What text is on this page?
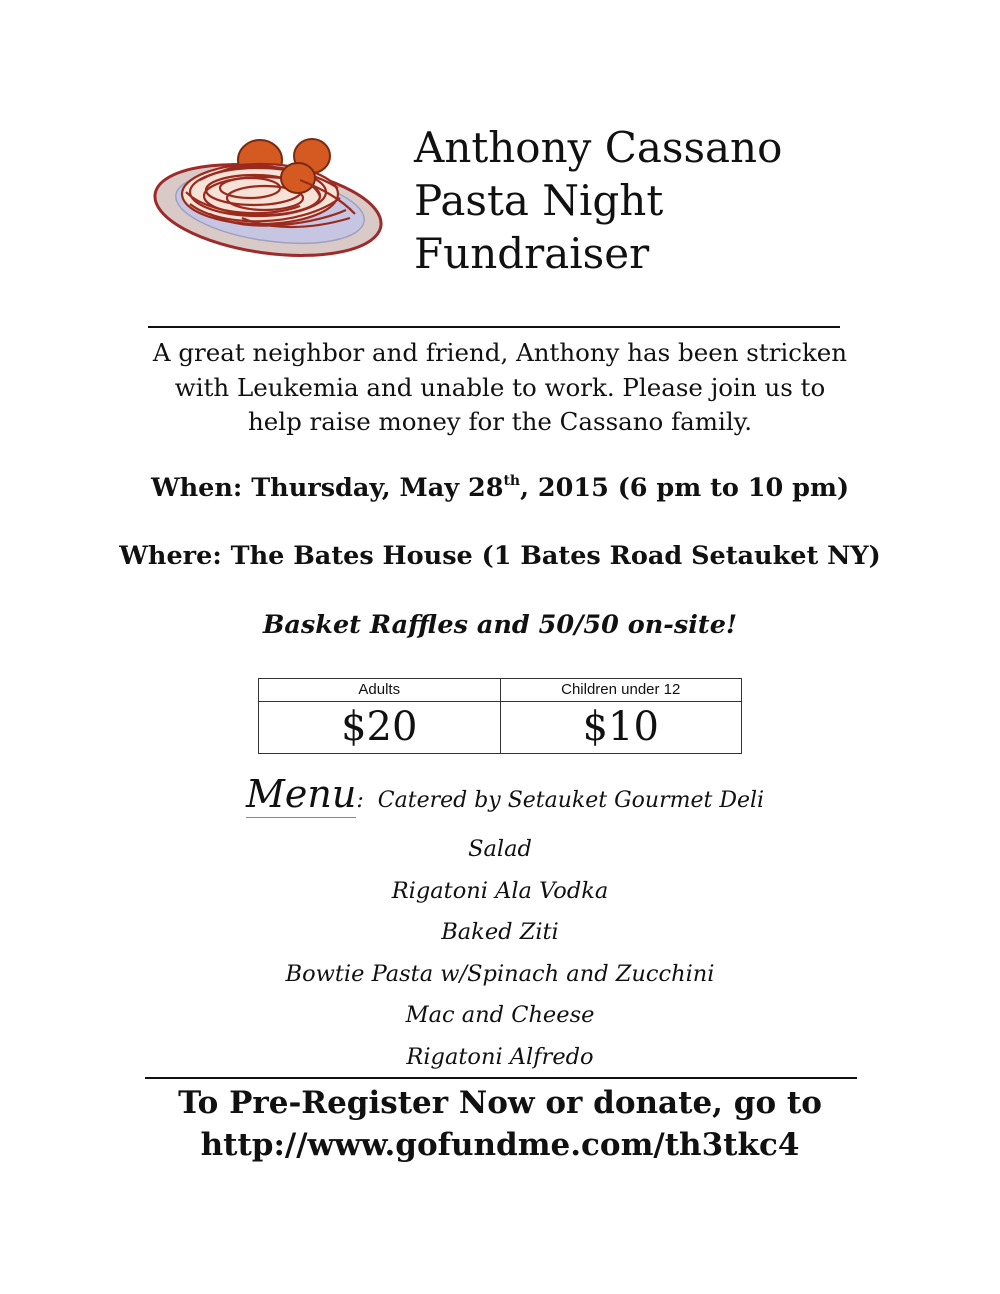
Anthony Cassano
Pasta Night
Fundraiser
A great neighbor and friend, Anthony has been stricken
with Leukemia and unable to work. Please join us to
help raise money for the Cassano family.
When: Thursday, May 28th, 2015 (6 pm to 10 pm)
Where: The Bates House (1 Bates Road Setauket NY)
Basket Raffles and 50/50 on-site!
Adults	Children under 12
$20	$10
Menu: Catered by Setauket Gourmet Deli
Salad
Rigatoni Ala Vodka
Baked Ziti
Bowtie Pasta w/Spinach and Zucchini
Mac and Cheese
Rigatoni Alfredo
To Pre-Register Now or donate, go to
http://www.gofundme.com/th3tkc4
